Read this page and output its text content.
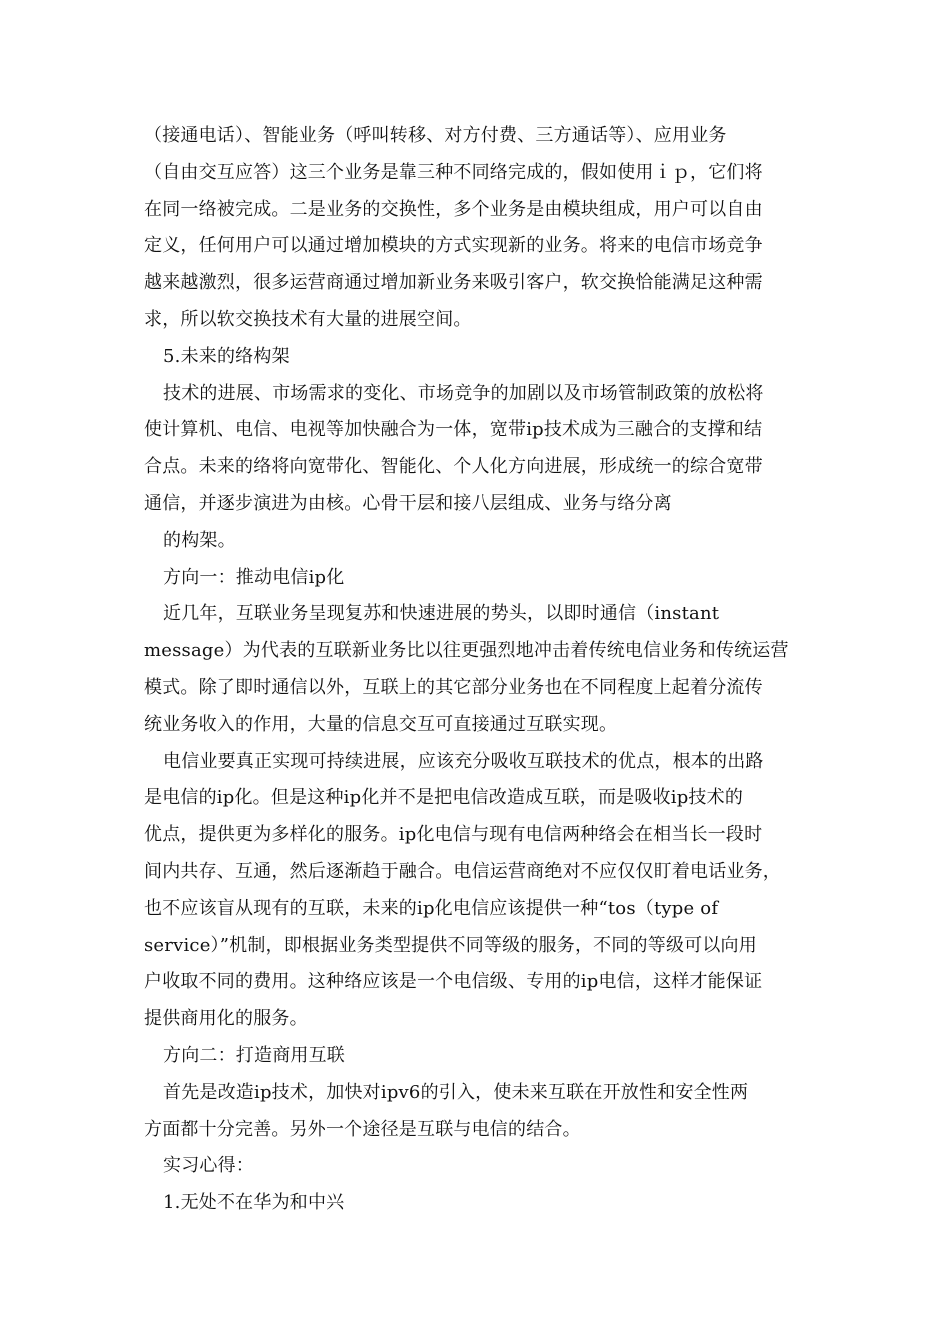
（接通电话）、智能业务（呼叫转移、对方付费、三方通话等）、应用业务
（自由交互应答）这三个业务是靠三种不同络完成的，假如使用ｉｐ，它们将
在同一络被完成。二是业务的交换性，多个业务是由模块组成，用户可以自由
定义，任何用户可以通过增加模块的方式实现新的业务。将来的电信市场竞争
越来越激烈，很多运营商通过增加新业务来吸引客户，软交换恰能满足这种需
求，所以软交换技术有大量的进展空间。
5.未来的络构架
技术的进展、市场需求的变化、市场竞争的加剧以及市场管制政策的放松将
使计算机、电信、电视等加快融合为一体，宽带ip技术成为三融合的支撑和结
合点。未来的络将向宽带化、智能化、个人化方向进展，形成统一的综合宽带
通信，并逐步演进为由核。心骨干层和接八层组成、业务与络分离
的构架。
方向一：推动电信ip化
近几年，互联业务呈现复苏和快速进展的势头，以即时通信（instant
message）为代表的互联新业务比以往更强烈地冲击着传统电信业务和传统运营
模式。除了即时通信以外，互联上的其它部分业务也在不同程度上起着分流传
统业务收入的作用，大量的信息交互可直接通过互联实现。
电信业要真正实现可持续进展，应该充分吸收互联技术的优点，根本的出路
是电信的ip化。但是这种ip化并不是把电信改造成互联，而是吸收ip技术的
优点，提供更为多样化的服务。ip化电信与现有电信两种络会在相当长一段时
间内共存、互通，然后逐渐趋于融合。电信运营商绝对不应仅仅盯着电话业务，
也不应该盲从现有的互联，未来的ip化电信应该提供一种“tos（type of
service）”机制，即根据业务类型提供不同等级的服务，不同的等级可以向用
户收取不同的费用。这种络应该是一个电信级、专用的ip电信，这样才能保证
提供商用化的服务。
方向二：打造商用互联
首先是改造ip技术，加快对ipv6的引入，使未来互联在开放性和安全性两
方面都十分完善。另外一个途径是互联与电信的结合。
实习心得：
1.无处不在华为和中兴
